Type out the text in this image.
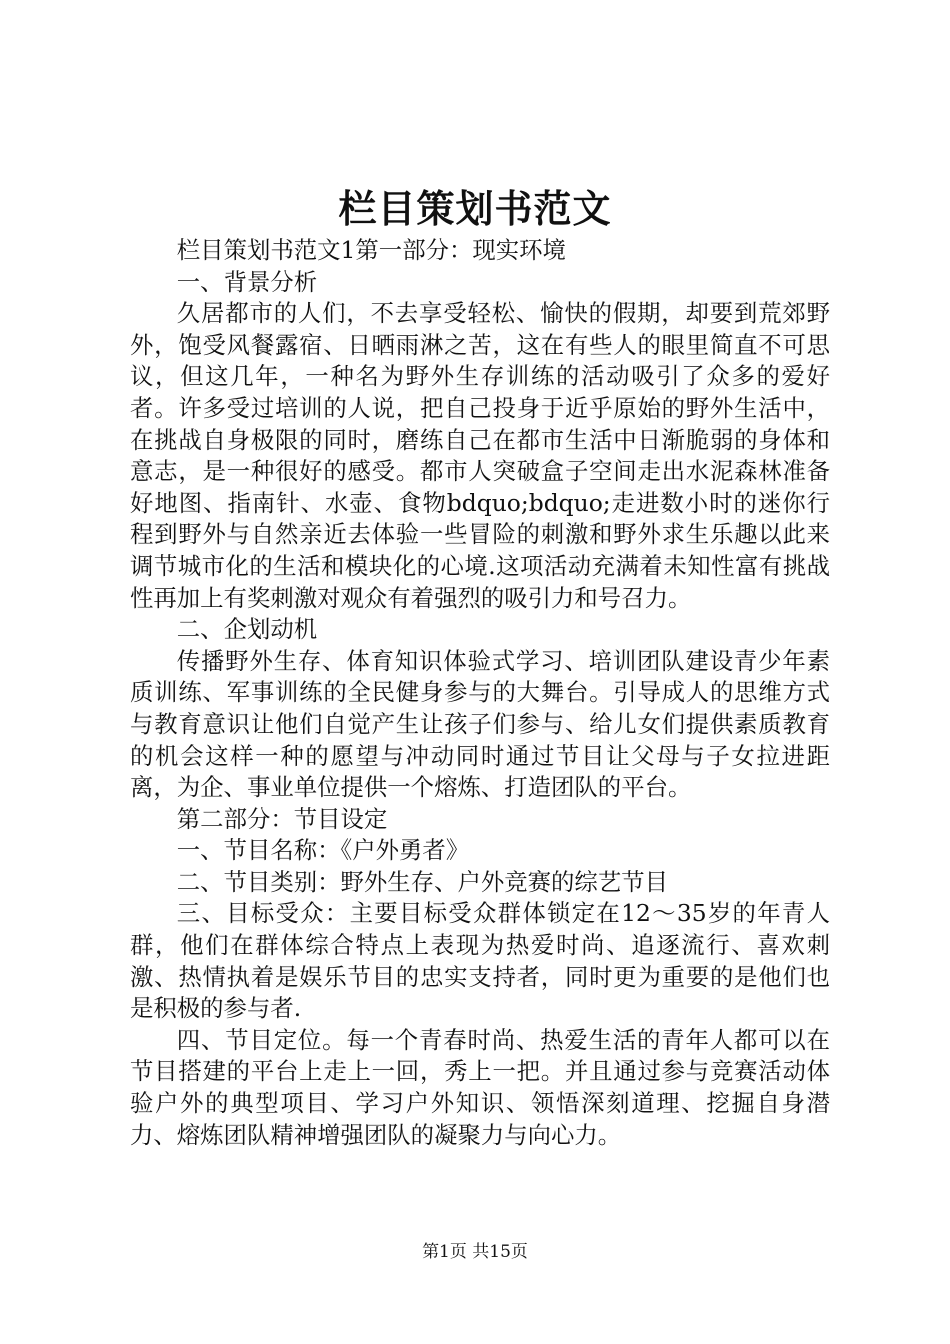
栏目策划书范文

栏目策划书范文1第一部分：现实环境

一、背景分析

久居都市的人们，不去享受轻松、愉快的假期，却要到荒郊野外，饱受风餐露宿、日晒雨淋之苦，这在有些人的眼里简直不可思议，但这几年，一种名为野外生存训练的活动吸引了众多的爱好者。许多受过培训的人说，把自己投身于近乎原始的野外生活中，在挑战自身极限的同时，磨练自己在都市生活中日渐脆弱的身体和意志，是一种很好的感受。都市人突破盒子空间走出水泥森林准备好地图、指南针、水壶、食物bdquo;bdquo;走进数小时的迷你行程到野外与自然亲近去体验一些冒险的刺激和野外求生乐趣以此来调节城市化的生活和模块化的心境.这项活动充满着未知性富有挑战性再加上有奖刺激对观众有着强烈的吸引力和号召力。

二、企划动机

传播野外生存、体育知识体验式学习、培训团队建设青少年素质训练、军事训练的全民健身参与的大舞台。引导成人的思维方式与教育意识让他们自觉产生让孩子们参与、给儿女们提供素质教育的机会这样一种的愿望与冲动同时通过节目让父母与子女拉进距离，为企、事业单位提供一个熔炼、打造团队的平台。

第二部分：节目设定

一、节目名称：《户外勇者》

二、节目类别：野外生存、户外竞赛的综艺节目

三、目标受众：主要目标受众群体锁定在12～35岁的年青人群，他们在群体综合特点上表现为热爱时尚、追逐流行、喜欢刺激、热情执着是娱乐节目的忠实支持者，同时更为重要的是他们也是积极的参与者.

四、节目定位。每一个青春时尚、热爱生活的青年人都可以在节目搭建的平台上走上一回，秀上一把。并且通过参与竞赛活动体验户外的典型项目、学习户外知识、领悟深刻道理、挖掘自身潜力、熔炼团队精神增强团队的凝聚力与向心力。

第1页 共15页
